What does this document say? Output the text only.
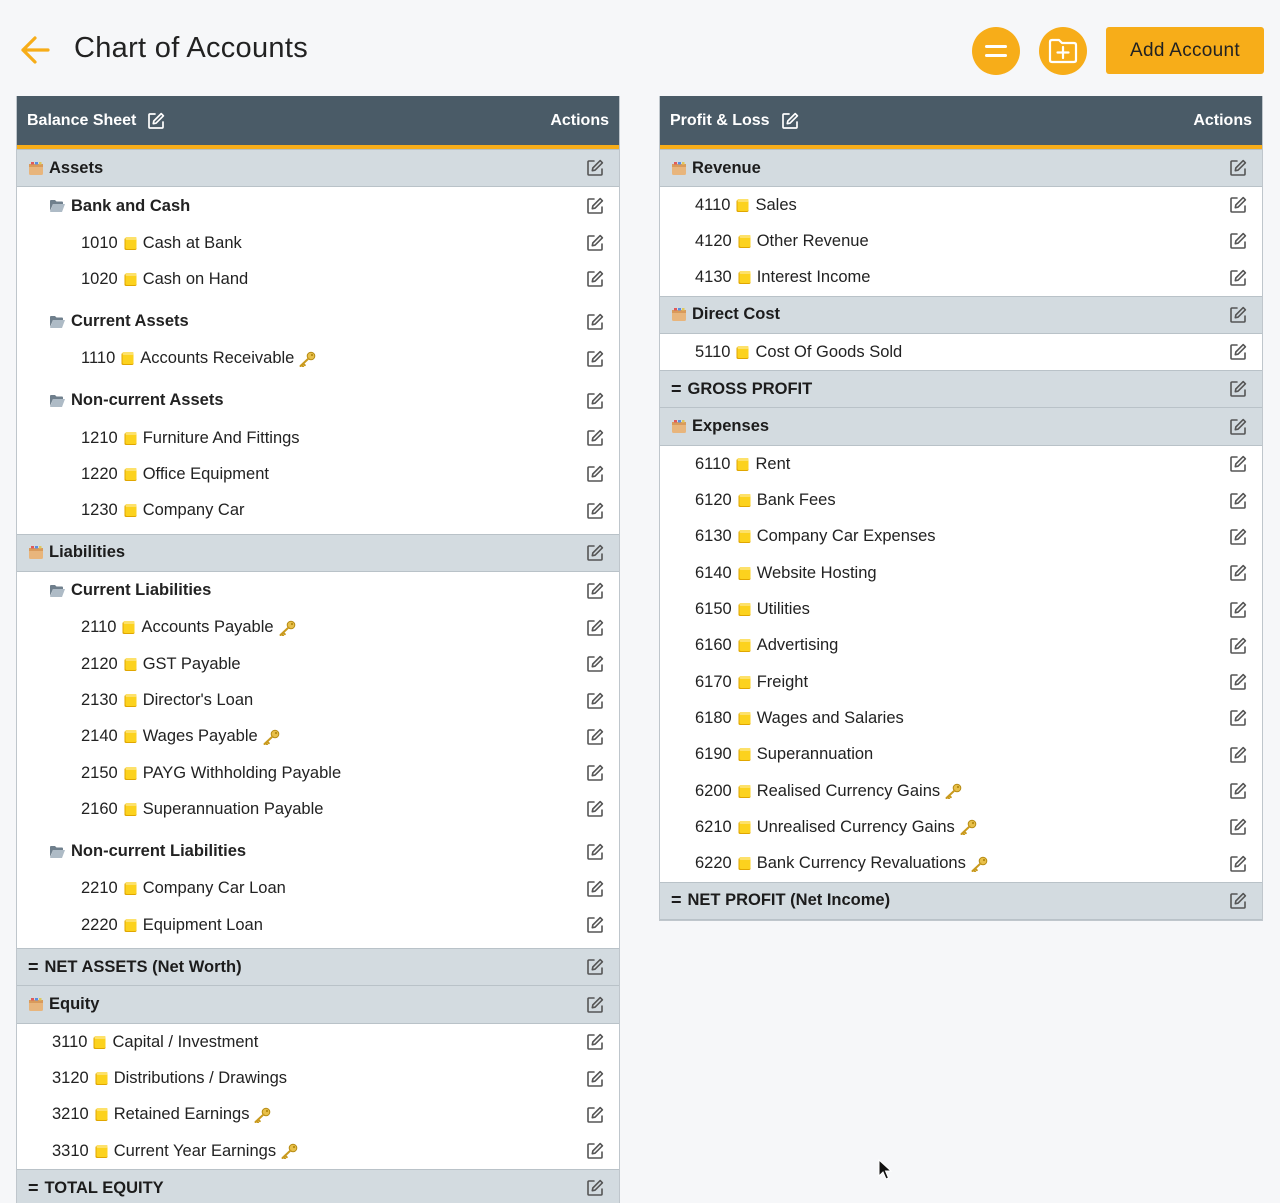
Chart of Accounts	Add Account
Balance Sheet	Actions
Assets
Bank and Cash
1010 Cash at Bank
1020 Cash on Hand
Current Assets
1110 Accounts Receivable
Non-current Assets
1210 Furniture And Fittings
1220 Office Equipment
1230 Company Car
Liabilities
Current Liabilities
2110 Accounts Payable
2120 GST Payable
2130 Director's Loan
2140 Wages Payable
2150 PAYG Withholding Payable
2160 Superannuation Payable
Non-current Liabilities
2210 Company Car Loan
2220 Equipment Loan
= NET ASSETS (Net Worth)
Equity
3110 Capital / Investment
3120 Distributions / Drawings
3210 Retained Earnings
3310 Current Year Earnings
= TOTAL EQUITY
Profit & Loss	Actions
Revenue
4110 Sales
4120 Other Revenue
4130 Interest Income
Direct Cost
5110 Cost Of Goods Sold
= GROSS PROFIT
Expenses
6110 Rent
6120 Bank Fees
6130 Company Car Expenses
6140 Website Hosting
6150 Utilities
6160 Advertising
6170 Freight
6180 Wages and Salaries
6190 Superannuation
6200 Realised Currency Gains
6210 Unrealised Currency Gains
6220 Bank Currency Revaluations
= NET PROFIT (Net Income)
